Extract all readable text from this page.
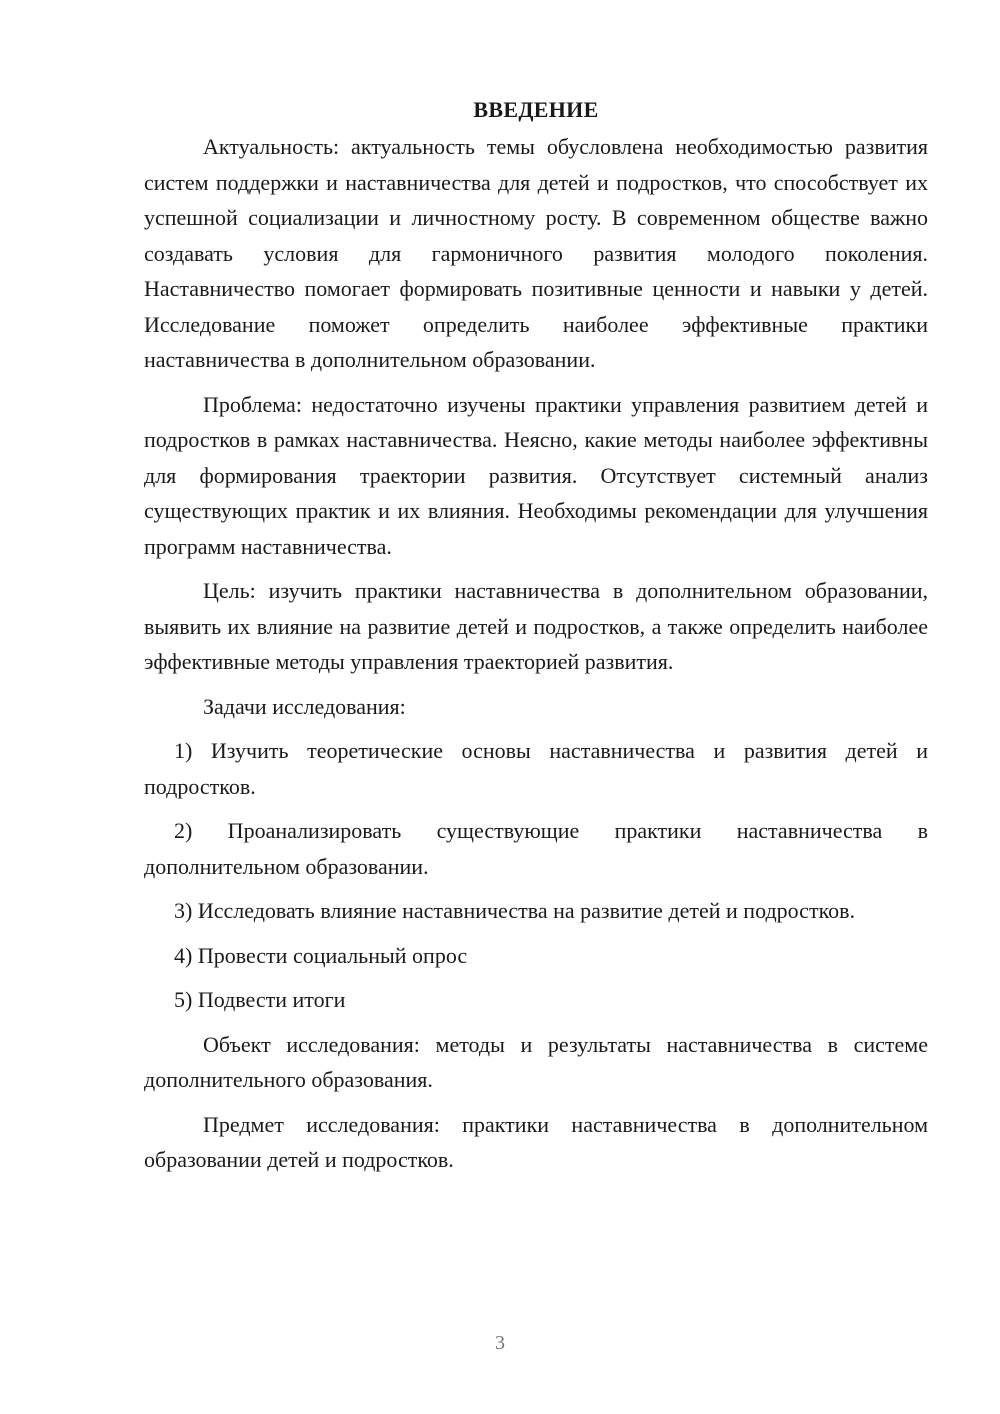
ВВЕДЕНИЕ

Актуальность: актуальность темы обусловлена необходимостью развития систем поддержки и наставничества для детей и подростков, что способствует их успешной социализации и личностному росту. В современном обществе важно создавать условия для гармоничного развития молодого поколения. Наставничество помогает формировать позитивные ценности и навыки у детей. Исследование поможет определить наиболее эффективные практики наставничества в дополнительном образовании.

Проблема: недостаточно изучены практики управления развитием детей и подростков в рамках наставничества. Неясно, какие методы наиболее эффективны для формирования траектории развития. Отсутствует системный анализ существующих практик и их влияния. Необходимы рекомендации для улучшения программ наставничества.

Цель: изучить практики наставничества в дополнительном образовании, выявить их влияние на развитие детей и подростков, а также определить наиболее эффективные методы управления траекторией развития.

Задачи исследования:

1) Изучить теоретические основы наставничества и развития детей и подростков.

2) Проанализировать существующие практики наставничества в дополнительном образовании.

3) Исследовать влияние наставничества на развитие детей и подростков.

4) Провести социальный опрос

5) Подвести итоги

Объект исследования: методы и результаты наставничества в системе дополнительного образования.

Предмет исследования: практики наставничества в дополнительном образовании детей и подростков.

3
